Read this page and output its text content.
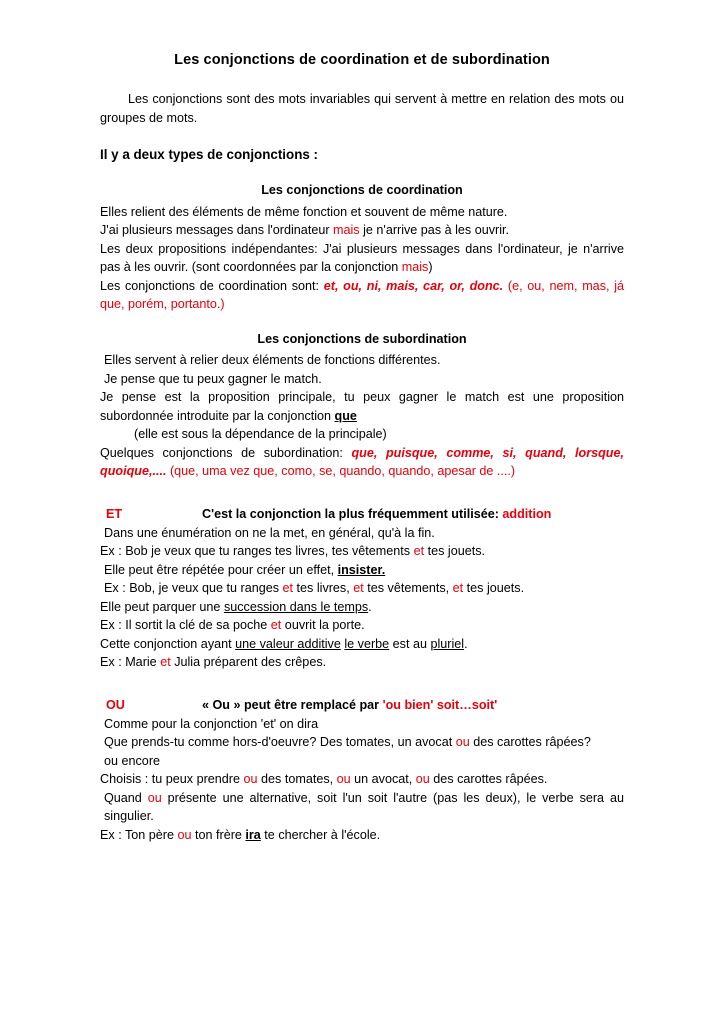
Les conjonctions de coordination et de subordination

Les conjonctions sont des mots invariables qui servent à mettre en relation des mots ou groupes de mots.

Il y a deux types de conjonctions :

Les conjonctions de coordination

Elles relient des éléments de même fonction et souvent de même nature.

J'ai plusieurs messages dans l'ordinateur mais je n'arrive pas à les ouvrir.

Les deux propositions indépendantes: J'ai plusieurs messages dans l'ordinateur, je n'arrive pas à les ouvrir. (sont coordonnées par la conjonction mais)

Les conjonctions de coordination sont: et, ou, ni, mais, car, or, donc. (e, ou, nem, mas, já que, porém, portanto.)

Les conjonctions de subordination

Elles servent à relier deux éléments de fonctions différentes.

Je pense que tu peux gagner le match.

Je pense est la proposition principale, tu peux gagner le match est une proposition subordonnée introduite par la conjonction que

(elle est sous la dépendance de la principale)

Quelques conjonctions de subordination: que, puisque, comme, si, quand, lorsque, quoique,.... (que, uma vez que, como, se, quando, quando, apesar de ....)

ET	C'est la conjonction la plus fréquemment utilisée: addition

Dans une énumération on ne la met, en général, qu'à la fin.

Ex : Bob je veux que tu ranges tes livres, tes vêtements et tes jouets.

Elle peut être répétée pour créer un effet, insister.

Ex : Bob, je veux que tu ranges et tes livres, et tes vêtements, et tes jouets.

Elle peut parquer une succession dans le temps.

Ex : Il sortit la clé de sa poche et ouvrit la porte.

Cette conjonction ayant une valeur additive le verbe est au pluriel.

Ex : Marie et Julia préparent des crêpes.

OU	« Ou » peut être remplacé par 'ou bien' soit…soit'

Comme pour la conjonction 'et' on dira

Que prends-tu comme hors-d'oeuvre? Des tomates, un avocat ou des carottes râpées?

ou encore

Choisis : tu peux prendre ou des tomates, ou un avocat, ou des carottes râpées.

Quand ou présente une alternative, soit l'un soit l'autre (pas les deux), le verbe sera au singulier.

Ex : Ton père ou ton frère ira te chercher à l'école.
